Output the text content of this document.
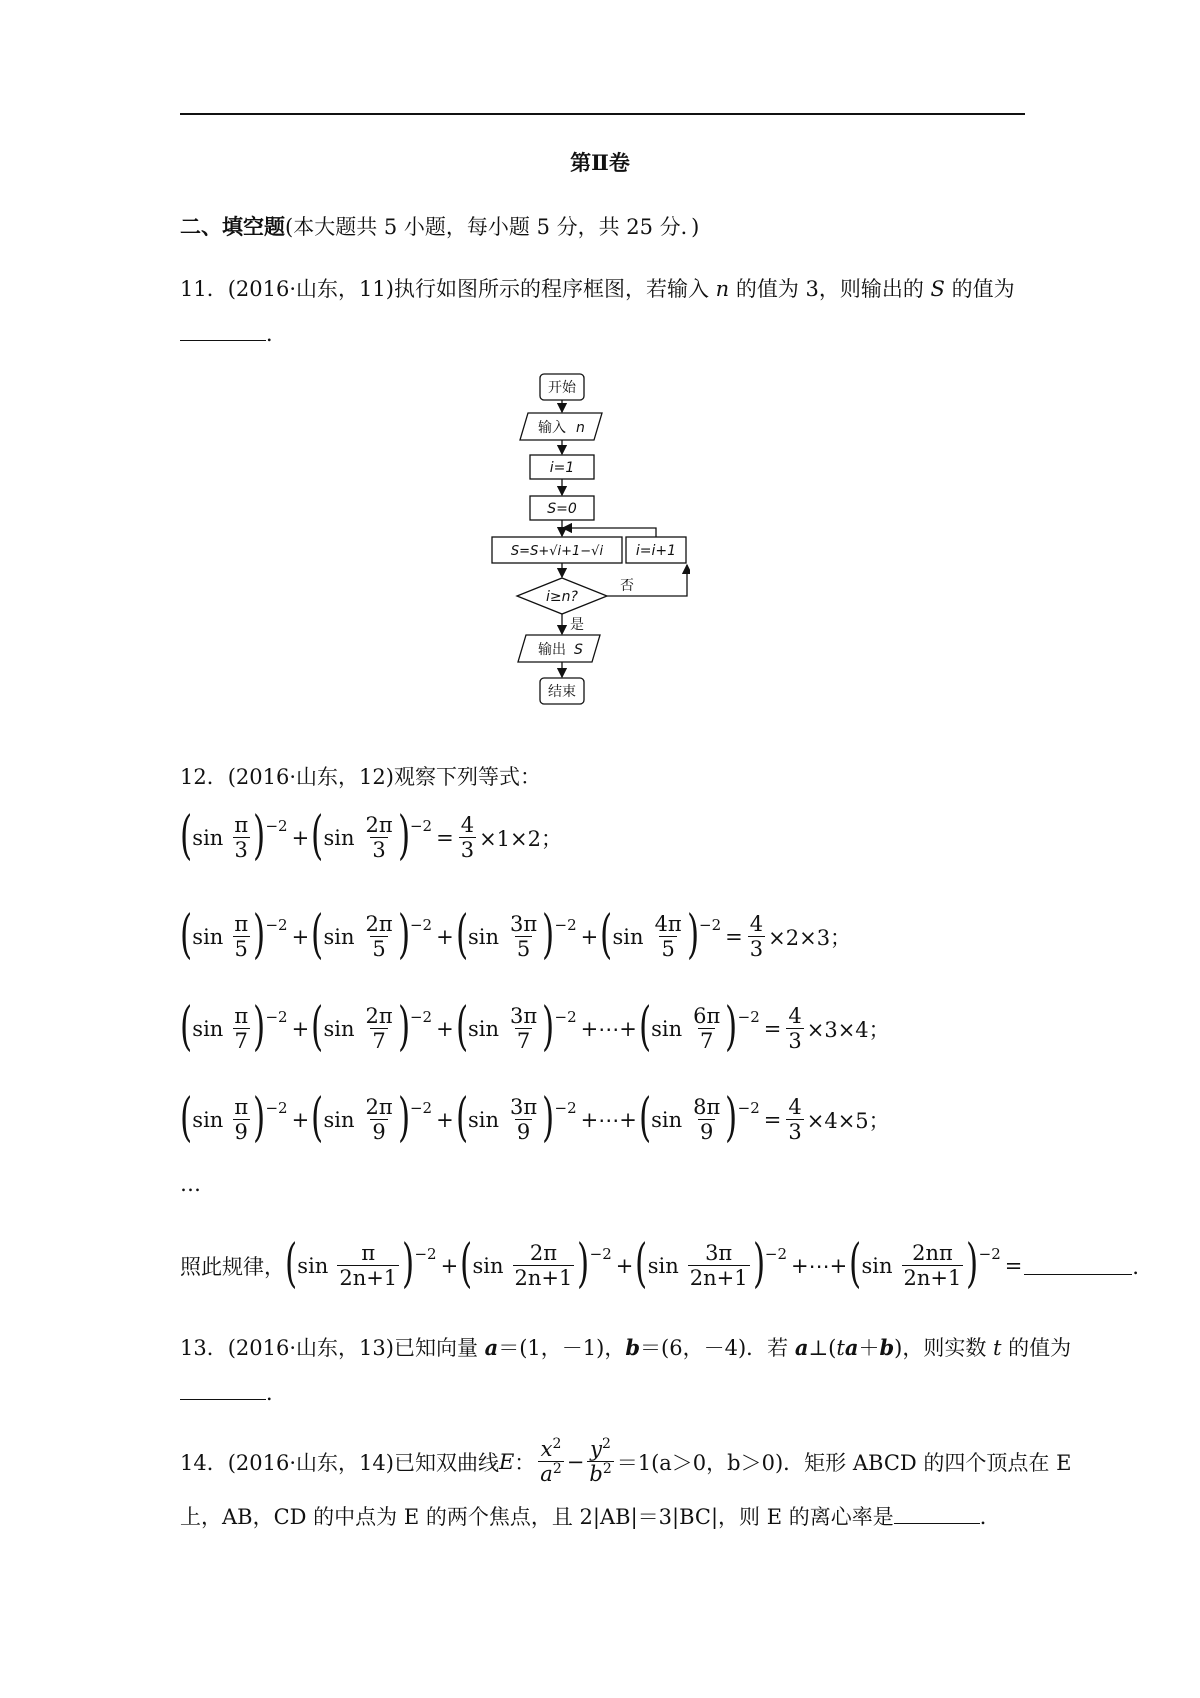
第Ⅱ卷
二、填空题(本大题共 5 小题，每小题 5 分，共 25 分．)
11．(2016·山东，11)执行如图所示的程序框图，若输入 n 的值为 3，则输出的 S 的值为
．
开始
输入 n
i=1
S=0
S=S+√i+1−√i i=i+1
i≥n?
否
是
输出 S
结束
12．(2016·山东，12)观察下列等式：
( $\sin \frac{\pi}{3}$ ) −2 + ( $\sin \frac{2\pi}{3}$ ) $-2 = \frac{4}{3} \times 1\times 2$；
( $\sin \frac{\pi}{5}$ ) −2 + ( $\sin \frac{2\pi}{5}$ ) −2 + ( $\sin \frac{3\pi}{5}$ ) −2 + ( $\sin \frac{4\pi}{5}$ ) $-2 = \frac{4}{3} \times 2\times 3$；
( $\sin \frac{\pi}{7}$ ) −2 + ( $\sin \frac{2\pi}{7}$ ) −2 + ( $\sin \frac{3\pi}{7}$ ) −2 +⋯+ ( $\sin \frac{6\pi}{7}$ ) $-2 = \frac{4}{3} \times 3\times 4$；
( $\sin \frac{\pi}{9}$ ) −2 + ( $\sin \frac{2\pi}{9}$ ) −2 + ( $\sin \frac{3\pi}{9}$ ) −2 +⋯+ ( $\sin \frac{8\pi}{9}$ ) $-2 = \frac{4}{3} \times 4\times 5$；
…
照此规律， ( $\sin \frac{\pi}{2n+1}$ ) −2 + ( $\sin \frac{2\pi}{2n+1}$ ) −2 + ( $\sin \frac{3\pi}{2n+1}$ ) −2 +⋯+ ( $\sin \frac{2n\pi}{2n+1}$ ) −2 =	．
13．(2016·山东，13)已知向量 a＝(1，－1)，b＝(6，－4)．若 a⊥(ta＋b)，则实数 t 的值为
．
14．(2016·山东，14)已知双曲线 E ： $\frac{x^2}{a^2} - \frac{y^2}{b^2} =1(a>0$，b＞0)．矩形 ABCD 的四个顶点在 E
上，AB，CD 的中点为 E 的两个焦点，且 2|AB|＝3|BC|，则 E 的离心率是	．
